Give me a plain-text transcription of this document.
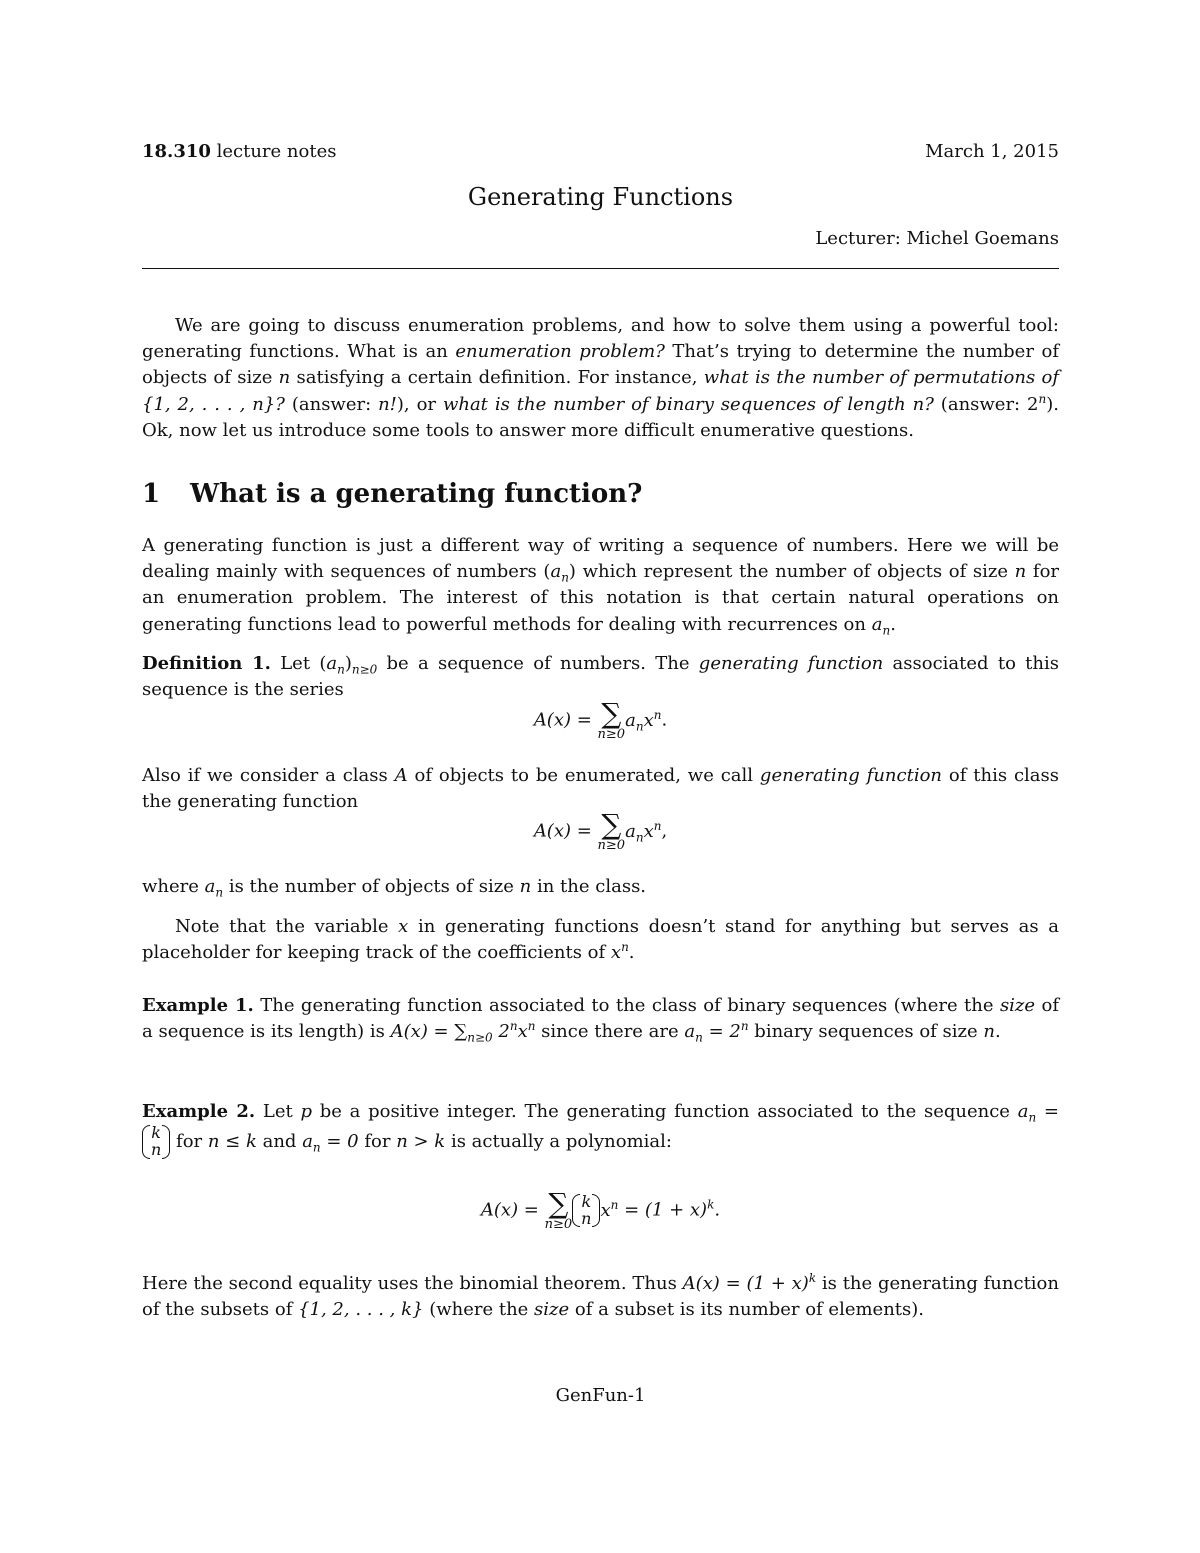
18.310 lecture notes	March 1, 2015
Generating Functions
Lecturer: Michel Goemans
We are going to discuss enumeration problems, and how to solve them using a powerful tool: generating functions. What is an enumeration problem? That’s trying to determine the number of objects of size n satisfying a certain definition. For instance, what is the number of permutations of {1, 2, . . . , n}? (answer: n!), or what is the number of binary sequences of length n? (answer: 2$^n$). Ok, now let us introduce some tools to answer more difficult enumerative questions.
1 What is a generating function?
A generating function is just a different way of writing a sequence of numbers. Here we will be dealing mainly with sequences of numbers $(a_n)$ which represent the number of objects of size n for an enumeration problem. The interest of this notation is that certain natural operations on generating functions lead to powerful methods for dealing with recurrences on $a_n$.
Definition 1. Let $(a_n)_{n\ge 0}$ be a sequence of numbers. The generating function associated to this sequence is the series
A(x) = ∑
n≥0
$a_nx^n$.
Also if we consider a class A of objects to be enumerated, we call generating function of this class the generating function
A(x) = ∑
n≥0
$a_nx^n$,
where $a_n$ is the number of objects of size n in the class.
Note that the variable x in generating functions doesn’t stand for anything but serves as a placeholder for keeping track of the coefficients of $x^n$.
Example 1. The generating function associated to the class of binary sequences (where the size of a sequence is its length) is $A(x) = \sum_{n\ge 0}$ $2^nx^n$ since there are $a_n = 2^n$ binary sequences of size n.
Example 2. Let p be a positive integer. The generating function associated to the sequence $a_n$ =
k
n for n ≤ k and $a_n = 0$ for n > k is actually a polynomial:
A(x) = ∑
n≥0
k
n $x^n = (1 + x)^k$.
Here the second equality uses the binomial theorem. Thus $A(x) = (1 + x)^k$ is the generating function of the subsets of {1, 2, . . . , k} (where the size of a subset is its number of elements).
GenFun-1
